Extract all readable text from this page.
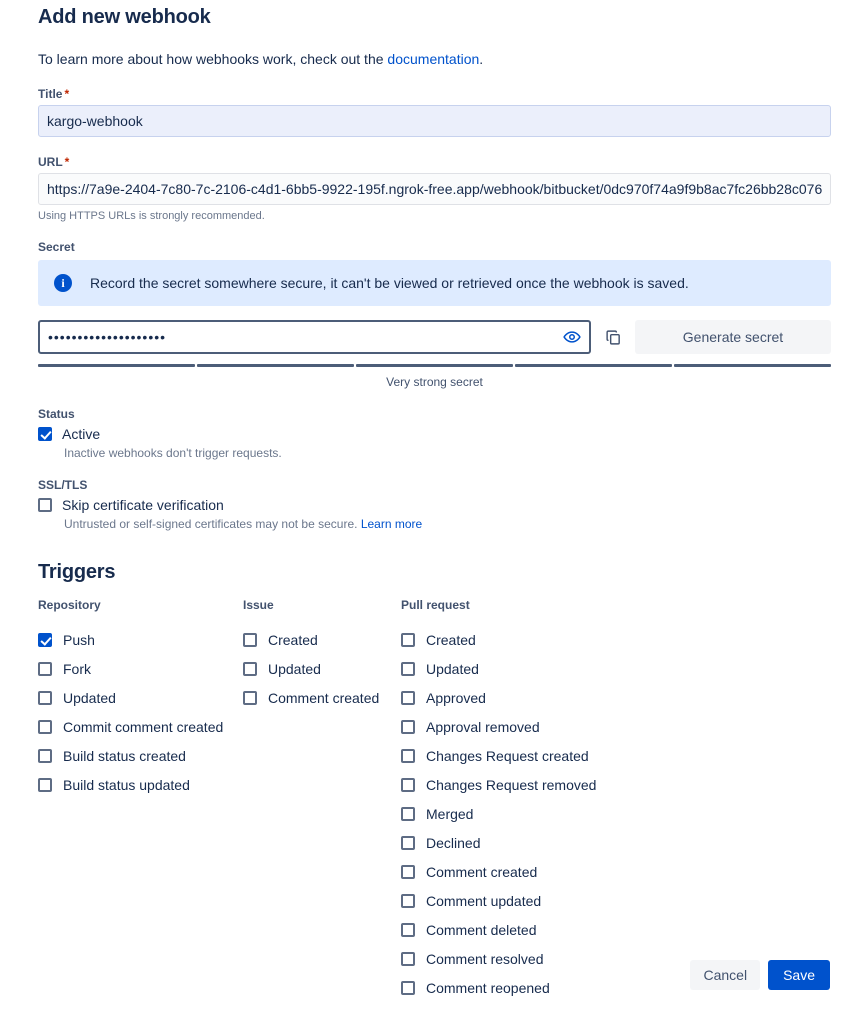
Add new webhook
To learn more about how webhooks work, check out the documentation.
Title *
kargo-webhook
URL *
https://7a9e-2404-7c80-7c-2106-c4d1-6bb5-9922-195f.ngrok-free.app/webhook/bitbucket/0dc970f74a9f9b8ac7fc26bb28c076c0c9
Using HTTPS URLs is strongly recommended.
Secret
i	Record the secret somewhere secure, it can't be viewed or retrieved once the webhook is saved.
••••••••••••••••••••
Generate secret
Very strong secret
Status
Active
Inactive webhooks don't trigger requests.
SSL/TLS
Skip certificate verification
Untrusted or self-signed certificates may not be secure. Learn more
Triggers
Repository
Push
Fork
Updated
Commit comment created
Build status created
Build status updated
Issue
Created
Updated
Comment created
Pull request
Created
Updated
Approved
Approval removed
Changes Request created
Changes Request removed
Merged
Declined
Comment created
Comment updated
Comment deleted
Comment resolved
Comment reopened
Cancel	Save
